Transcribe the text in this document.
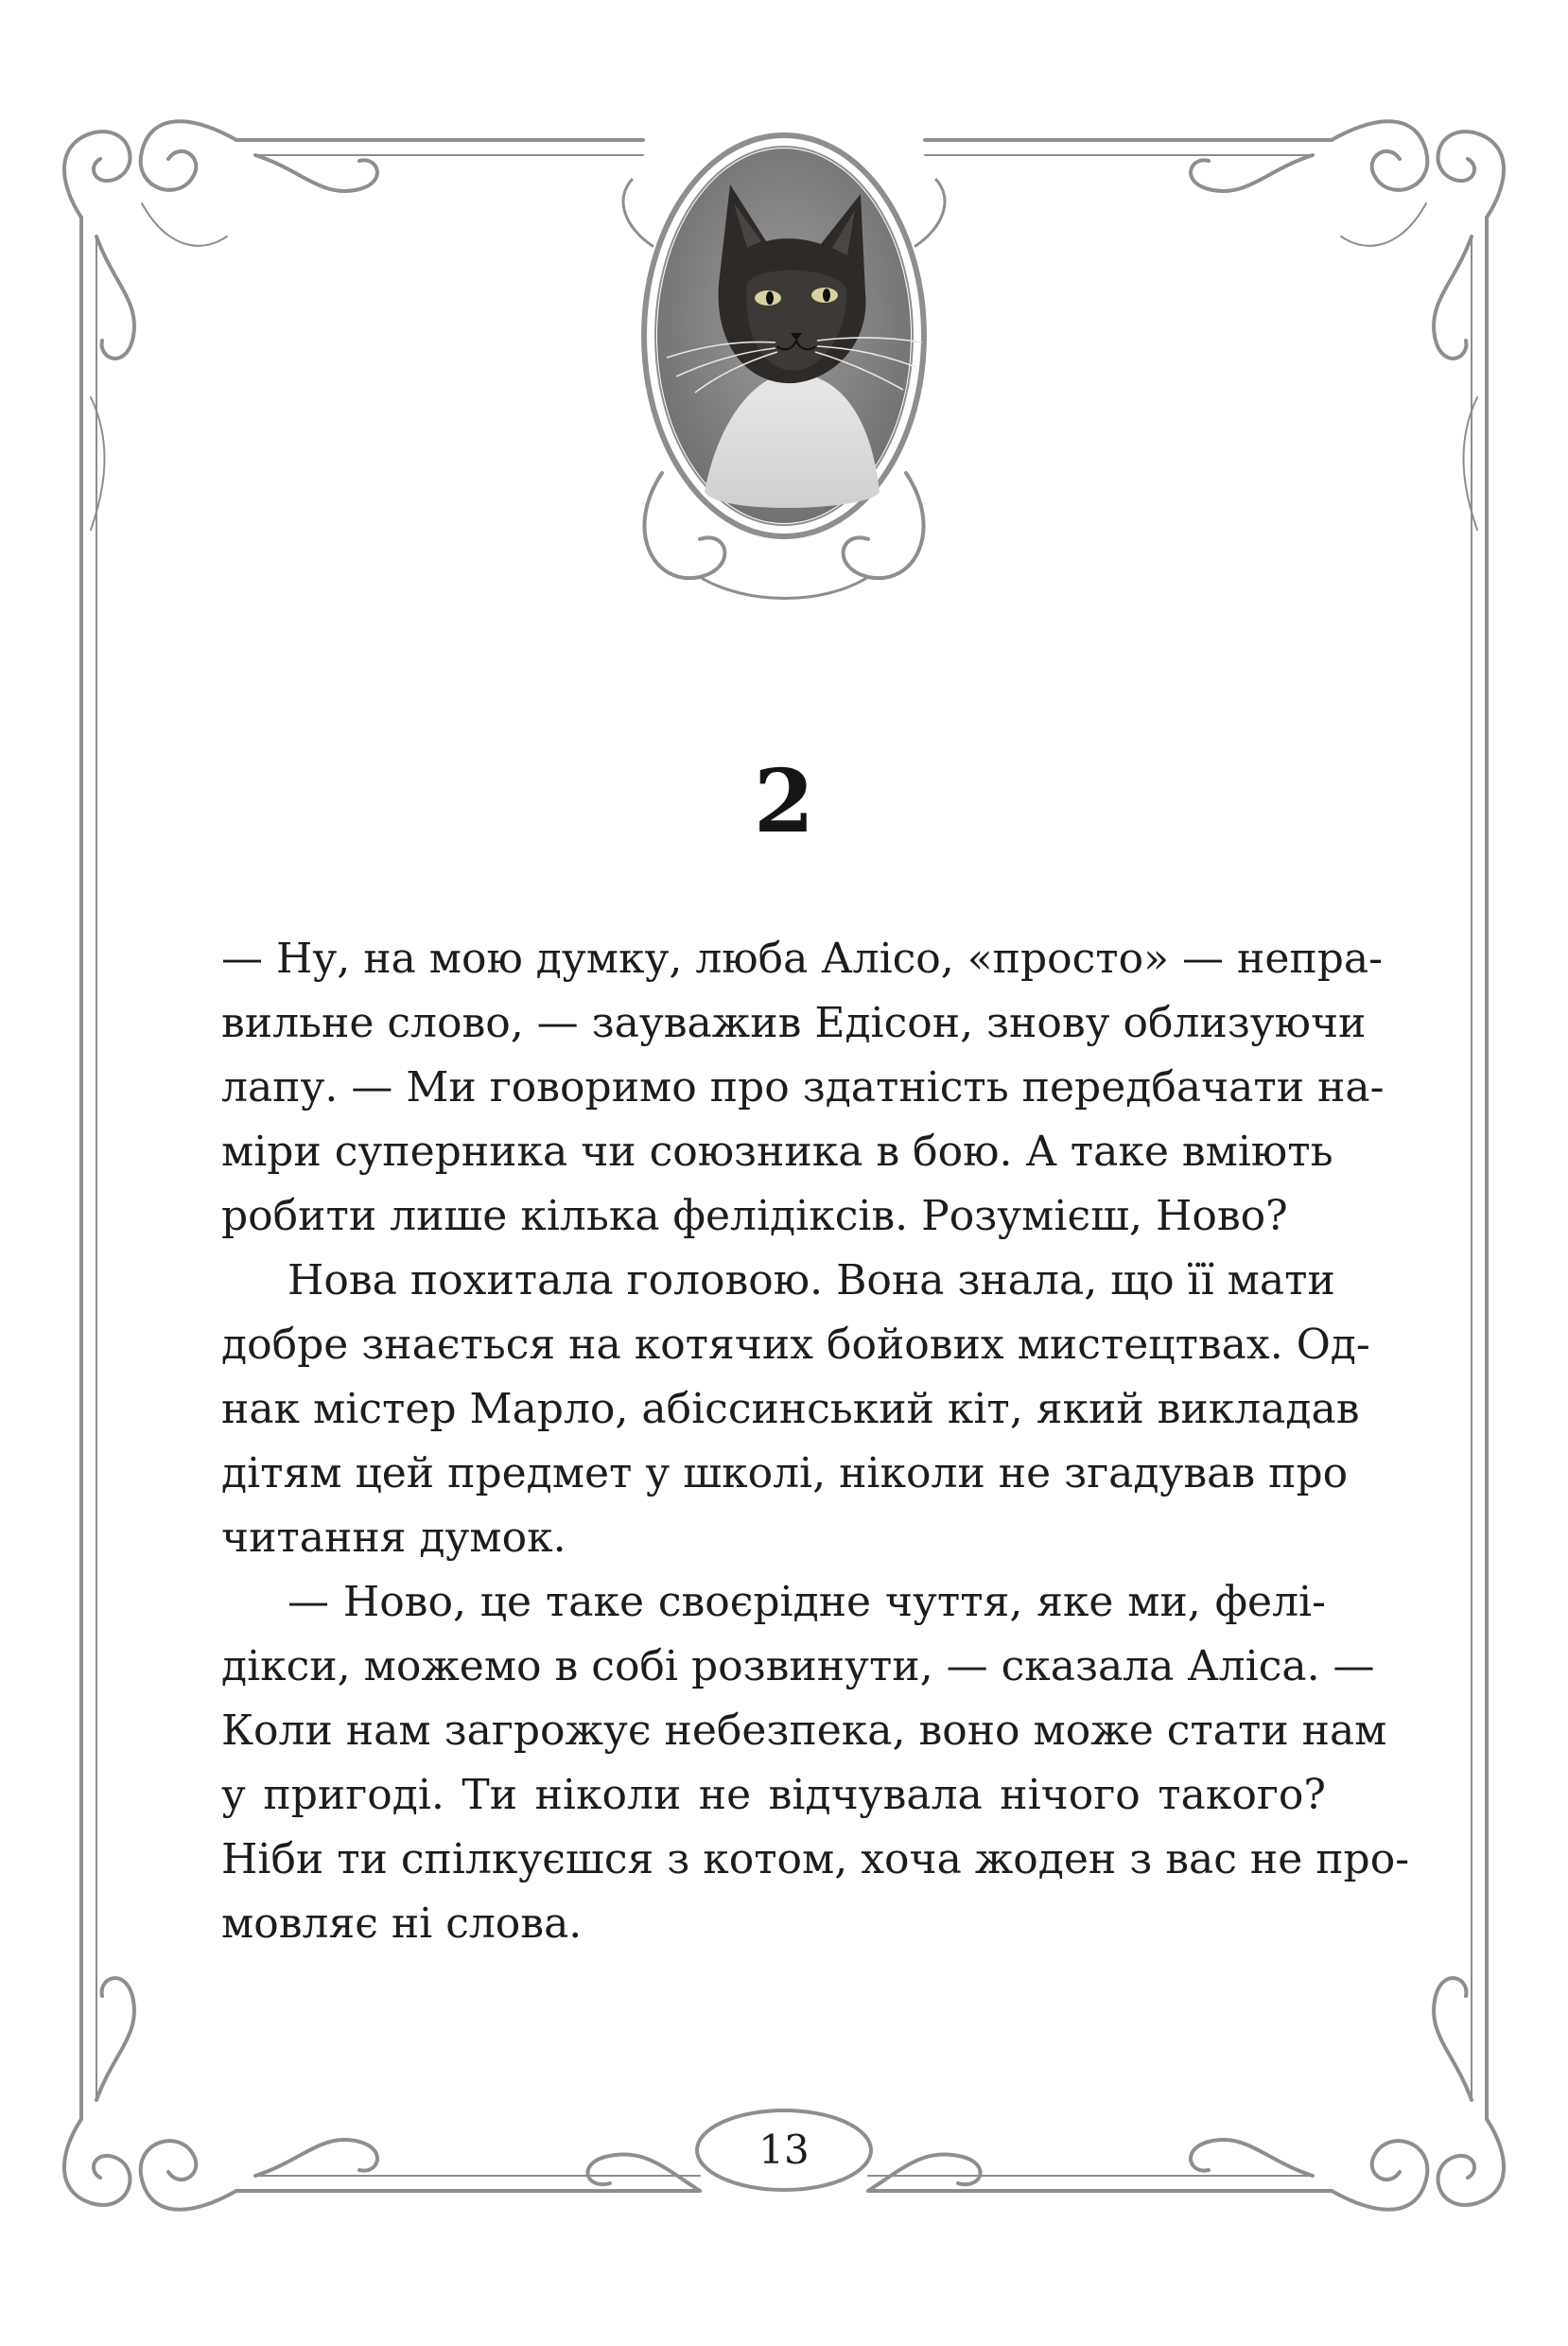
2
— Ну, на мою думку, люба Алісо, «просто» — непра-
вильне слово, — зауважив Едісон, знову облизуючи
лапу. — Ми говоримо про здатність передбачати на-
міри суперника чи союзника в бою. А таке вміють
робити лише кілька фелідіксів. Розумієш, Ново?
Нова похитала головою. Вона знала, що її мати
добре знається на котячих бойових мистецтвах. Од-
нак містер Марло, абіссинський кіт, який викладав
дітям цей предмет у школі, ніколи не згадував про
читання думок.
— Ново, це таке своєрідне чуття, яке ми, фелі-
дікси, можемо в собі розвинути, — сказала Аліса. —
Коли нам загрожує небезпека, воно може стати нам
у пригоді. Ти ніколи не відчувала нічого такого?
Ніби ти спілкуєшся з котом, хоча жоден з вас не про-
мовляє ні слова.
13
